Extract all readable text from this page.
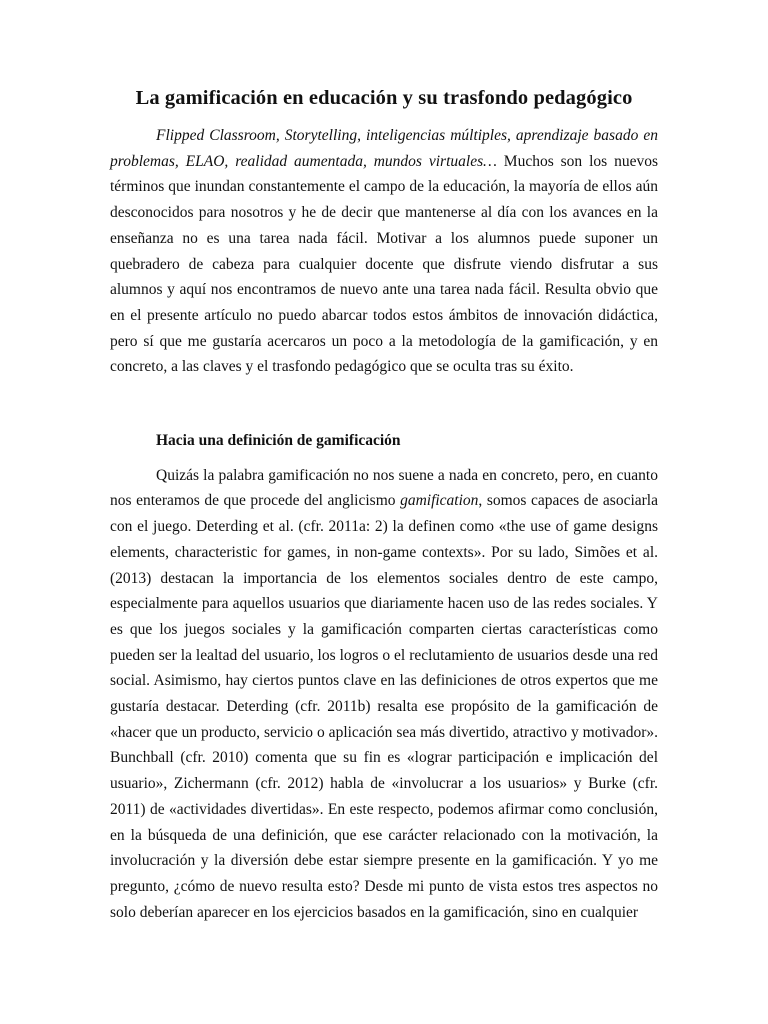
La gamificación en educación y su trasfondo pedagógico

Flipped Classroom, Storytelling, inteligencias múltiples, aprendizaje basado en problemas, ELAO, realidad aumentada, mundos virtuales… Muchos son los nuevos términos que inundan constantemente el campo de la educación, la mayoría de ellos aún desconocidos para nosotros y he de decir que mantenerse al día con los avances en la enseñanza no es una tarea nada fácil. Motivar a los alumnos puede suponer un quebradero de cabeza para cualquier docente que disfrute viendo disfrutar a sus alumnos y aquí nos encontramos de nuevo ante una tarea nada fácil. Resulta obvio que en el presente artículo no puedo abarcar todos estos ámbitos de innovación didáctica, pero sí que me gustaría acercaros un poco a la metodología de la gamificación, y en concreto, a las claves y el trasfondo pedagógico que se oculta tras su éxito.

Hacia una definición de gamificación

Quizás la palabra gamificación no nos suene a nada en concreto, pero, en cuanto nos enteramos de que procede del anglicismo gamification, somos capaces de asociarla con el juego. Deterding et al. (cfr. 2011a: 2) la definen como «the use of game designs elements, characteristic for games, in non-game contexts». Por su lado, Simões et al. (2013) destacan la importancia de los elementos sociales dentro de este campo, especialmente para aquellos usuarios que diariamente hacen uso de las redes sociales. Y es que los juegos sociales y la gamificación comparten ciertas características como pueden ser la lealtad del usuario, los logros o el reclutamiento de usuarios desde una red social. Asimismo, hay ciertos puntos clave en las definiciones de otros expertos que me gustaría destacar. Deterding (cfr. 2011b) resalta ese propósito de la gamificación de «hacer que un producto, servicio o aplicación sea más divertido, atractivo y motivador». Bunchball (cfr. 2010) comenta que su fin es «lograr participación e implicación del usuario», Zichermann (cfr. 2012) habla de «involucrar a los usuarios» y Burke (cfr. 2011) de «actividades divertidas». En este respecto, podemos afirmar como conclusión, en la búsqueda de una definición, que ese carácter relacionado con la motivación, la involucración y la diversión debe estar siempre presente en la gamificación. Y yo me pregunto, ¿cómo de nuevo resulta esto? Desde mi punto de vista estos tres aspectos no solo deberían aparecer en los ejercicios basados en la gamificación, sino en cualquier
